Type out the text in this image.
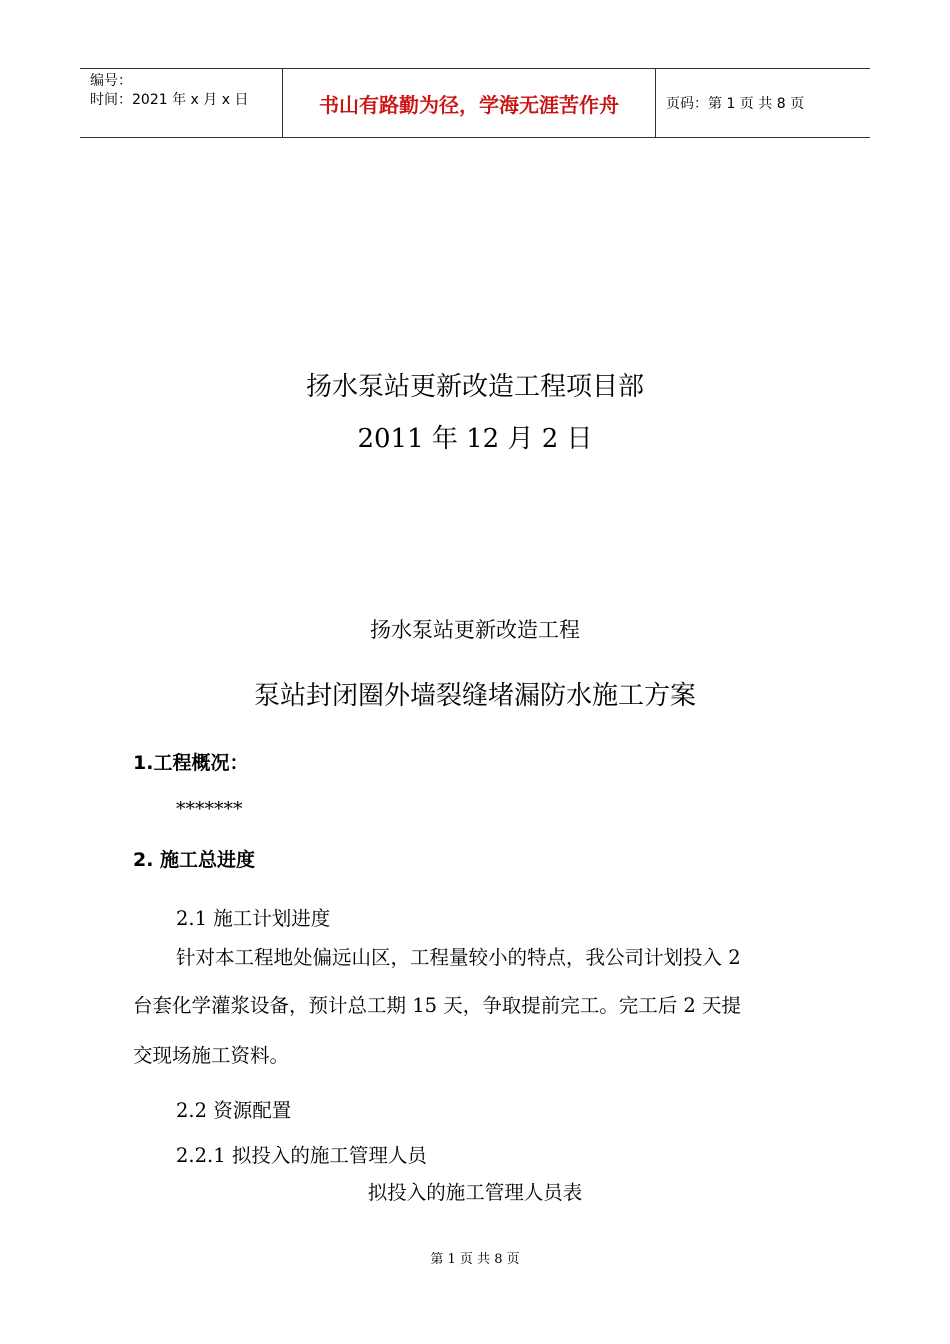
编号：
时间：2021 年 x 月 x 日	书山有路勤为径，学海无涯苦作舟	页码：第 1 页 共 8 页
扬水泵站更新改造工程项目部
2011 年 12 月 2 日
扬水泵站更新改造工程
泵站封闭圈外墙裂缝堵漏防水施工方案
1.工程概况：
*******
2. 施工总进度
2.1 施工计划进度
针对本工程地处偏远山区，工程量较小的特点，我公司计划投入 2
台套化学灌浆设备，预计总工期 15 天，争取提前完工。完工后 2 天提
交现场施工资料。
2.2 资源配置
2.2.1 拟投入的施工管理人员
拟投入的施工管理人员表
第 1 页 共 8 页
